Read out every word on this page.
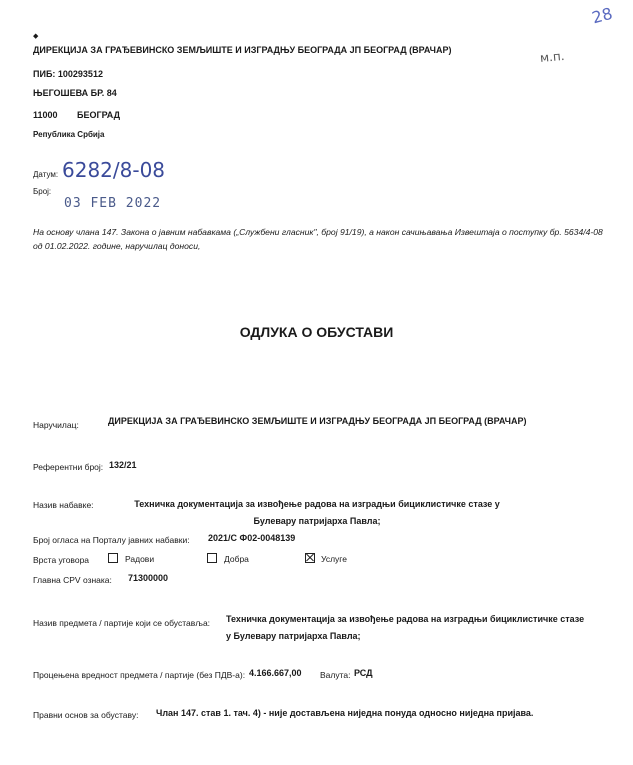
28
◆
ДИРЕКЦИЈА ЗА ГРАЂЕВИНСКО ЗЕМЉИШТЕ И ИЗГРАДЊУ БЕОГРАДА ЈП БЕОГРАД (ВРАЧАР)	м.п.
ПИБ: 100293512
ЊЕГОШЕВА БР. 84
11000 БЕОГРАД
Република Србија
Датум: 6282/8-08
Број:
03 FEB 2022
На основу члана 147. Закона о јавним набавкама („Службени гласник", број 91/19), а након сачињавања Извештаја о поступку бр. 5634/4-08 од 01.02.2022. године, наручилац доноси,
ОДЛУКА О ОБУСТАВИ
Наручилац:	ДИРЕКЦИЈА ЗА ГРАЂЕВИНСКО ЗЕМЉИШТЕ И ИЗГРАДЊУ БЕОГРАДА ЈП БЕОГРАД (ВРАЧАР)
Референтни број: 132/21
Назив набавке:	Техничка документација за извођење радова на изградњи бициклистичке стазе у Булевару патријарха Павла;
Број огласа на Порталу јавних набавки: 2021/С Ф02-0048139
Врста уговора	Радови	Добра	Услуге
Главна CPV ознака: 71300000
Назив предмета / партије који се обуставља: Техничка документација за извођење радова на изградњи бициклистичке стазе у Булевару патријарха Павла;
Процењена вредност предмета / партије (без ПДВ-а): 4.166.667,00 Валута: РСД
Правни основ за обуставу: Члан 147. став 1. тач. 4) - није достављена ниједна понуда односно ниједна пријава.
